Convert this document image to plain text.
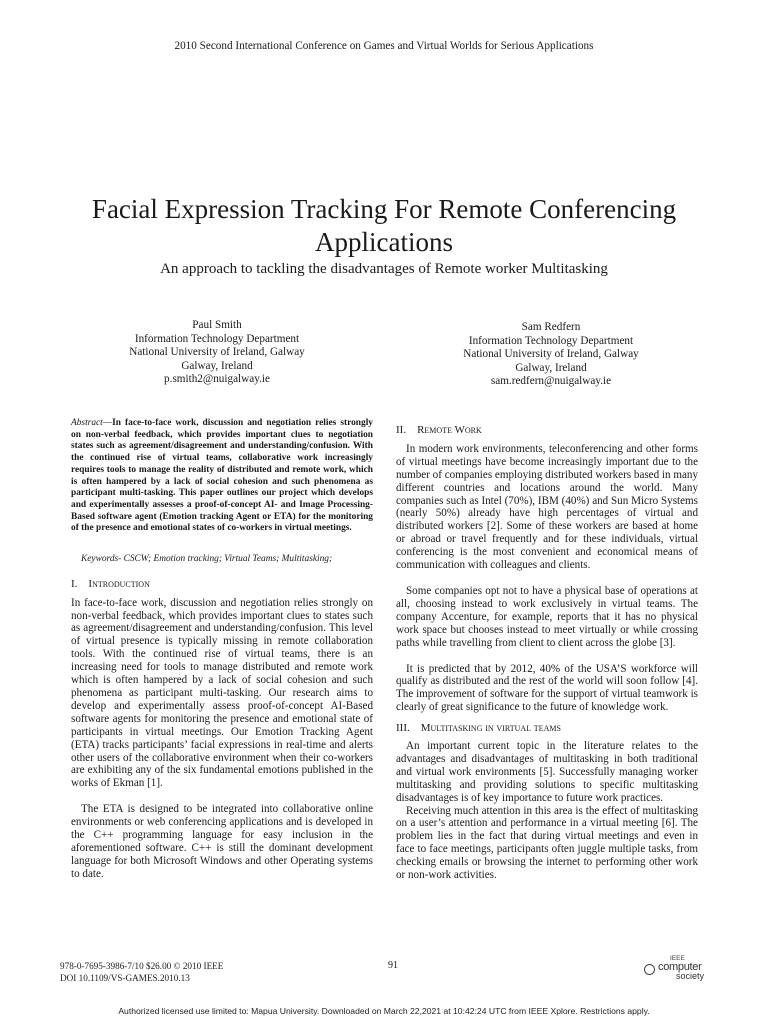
2010 Second International Conference on Games and Virtual Worlds for Serious Applications
Facial Expression Tracking For Remote Conferencing Applications
An approach to tackling the disadvantages of Remote worker Multitasking
Paul Smith
Information Technology Department
National University of Ireland, Galway
Galway, Ireland
p.smith2@nuigalway.ie
Sam Redfern
Information Technology Department
National University of Ireland, Galway
Galway, Ireland
sam.redfern@nuigalway.ie

Abstract—In face-to-face work, discussion and negotiation relies strongly on non-verbal feedback, which provides important clues to negotiation states such as agreement/disagreement and understanding/confusion. With the continued rise of virtual teams, collaborative work increasingly requires tools to manage the reality of distributed and remote work, which is often hampered by a lack of social cohesion and such phenomena as participant multi-tasking. This paper outlines our project which develops and experimentally assesses a proof-of-concept AI- and Image Processing- Based software agent (Emotion tracking Agent or ETA) for the monitoring of the presence and emotional states of co-workers in virtual meetings.

Keywords- CSCW; Emotion tracking; Virtual Teams; Multitasking;

I. Introduction

In face-to-face work, discussion and negotiation relies strongly on non-verbal feedback, which provides important clues to states such as agreement/disagreement and understanding/confusion. This level of virtual presence is typically missing in remote collaboration tools. With the continued rise of virtual teams, there is an increasing need for tools to manage distributed and remote work which is often hampered by a lack of social cohesion and such phenomena as participant multi-tasking. Our research aims to develop and experimentally assess proof-of-concept AI-Based software agents for monitoring the presence and emotional state of participants in virtual meetings. Our Emotion Tracking Agent (ETA) tracks participants’ facial expressions in real-time and alerts other users of the collaborative environment when their co-workers are exhibiting any of the six fundamental emotions published in the works of Ekman [1].

The ETA is designed to be integrated into collaborative online environments or web conferencing applications and is developed in the C++ programming language for easy inclusion in the aforementioned software. C++ is still the dominant development language for both Microsoft Windows and other Operating systems to date.

II. Remote Work

In modern work environments, teleconferencing and other forms of virtual meetings have become increasingly important due to the number of companies employing distributed workers based in many different countries and locations around the world. Many companies such as Intel (70%), IBM (40%) and Sun Micro Systems (nearly 50%) already have high percentages of virtual and distributed workers [2]. Some of these workers are based at home or abroad or travel frequently and for these individuals, virtual conferencing is the most convenient and economical means of communication with colleagues and clients.

Some companies opt not to have a physical base of operations at all, choosing instead to work exclusively in virtual teams. The company Accenture, for example, reports that it has no physical work space but chooses instead to meet virtually or while crossing paths while travelling from client to client across the globe [3].

It is predicted that by 2012, 40% of the USA’S workforce will qualify as distributed and the rest of the world will soon follow [4]. The improvement of software for the support of virtual teamwork is clearly of great significance to the future of knowledge work.

III. Multitasking in virtual teams

An important current topic in the literature relates to the advantages and disadvantages of multitasking in both traditional and virtual work environments [5]. Successfully managing worker multitasking and providing solutions to specific multitasking disadvantages is of key importance to future work practices.

Receiving much attention in this area is the effect of multitasking on a user’s attention and performance in a virtual meeting [6]. The problem lies in the fact that during virtual meetings and even in face to face meetings, participants often juggle multiple tasks, from checking emails or browsing the internet to performing other work or non-work activities.

978-0-7695-3986-7/10 $26.00 © 2010 IEEE
DOI 10.1109/VS-GAMES.2010.13
91
IEEE
computer
society
Authorized licensed use limited to: Mapua University. Downloaded on March 22,2021 at 10:42:24 UTC from IEEE Xplore. Restrictions apply.
